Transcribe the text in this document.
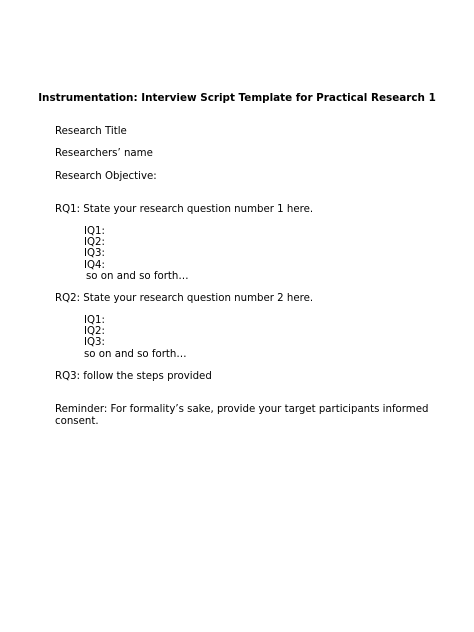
Instrumentation: Interview Script Template for Practical Research 1

Research Title

Researchers’ name

Research Objective:

RQ1: State your research question number 1 here.

IQ1:

IQ2:

IQ3:

IQ4:

so on and so forth…

RQ2: State your research question number 2 here.

IQ1:

IQ2:

IQ3:

so on and so forth…

RQ3: follow the steps provided

Reminder: For formality’s sake, provide your target participants informed consent.
